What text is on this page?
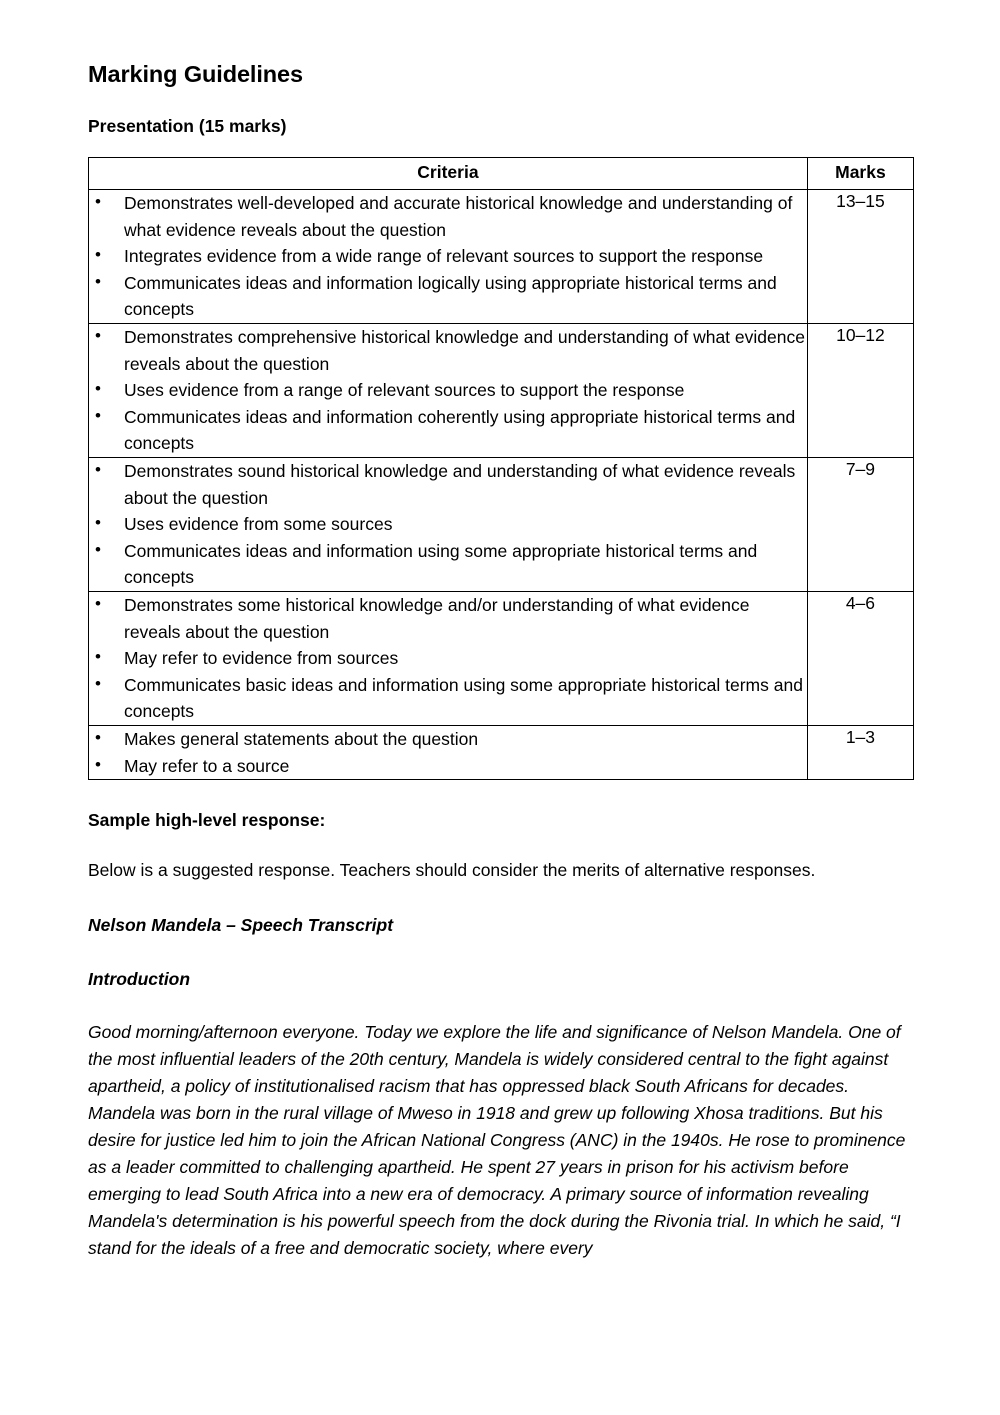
Marking Guidelines
Presentation (15 marks)
Criteria	Marks

• Demonstrates well-developed and accurate historical knowledge and understanding of what evidence reveals about the question
• Integrates evidence from a wide range of relevant sources to support the response
• Communicates ideas and information logically using appropriate historical terms and concepts
	13–15

• Demonstrates comprehensive historical knowledge and understanding of what evidence reveals about the question
• Uses evidence from a range of relevant sources to support the response
• Communicates ideas and information coherently using appropriate historical terms and concepts
	10–12

• Demonstrates sound historical knowledge and understanding of what evidence reveals about the question
• Uses evidence from some sources
• Communicates ideas and information using some appropriate historical terms and concepts
	7–9

• Demonstrates some historical knowledge and/or understanding of what evidence reveals about the question
• May refer to evidence from sources
• Communicates basic ideas and information using some appropriate historical terms and concepts
	4–6

• Makes general statements about the question
• May refer to a source
	1–3
Sample high-level response:

Below is a suggested response. Teachers should consider the merits of alternative responses.

Nelson Mandela – Speech Transcript
Introduction

Good morning/afternoon everyone. Today we explore the life and significance of Nelson Mandela. One of the most influential leaders of the 20th century, Mandela is widely considered central to the fight against apartheid, a policy of institutionalised racism that has oppressed black South Africans for decades. Mandela was born in the rural village of Mweso in 1918 and grew up following Xhosa traditions. But his desire for justice led him to join the African National Congress (ANC) in the 1940s. He rose to prominence as a leader committed to challenging apartheid. He spent 27 years in prison for his activism before emerging to lead South Africa into a new era of democracy. A primary source of information revealing Mandela's determination is his powerful speech from the dock during the Rivonia trial. In which he said, “I stand for the ideals of a free and democratic society, where every
